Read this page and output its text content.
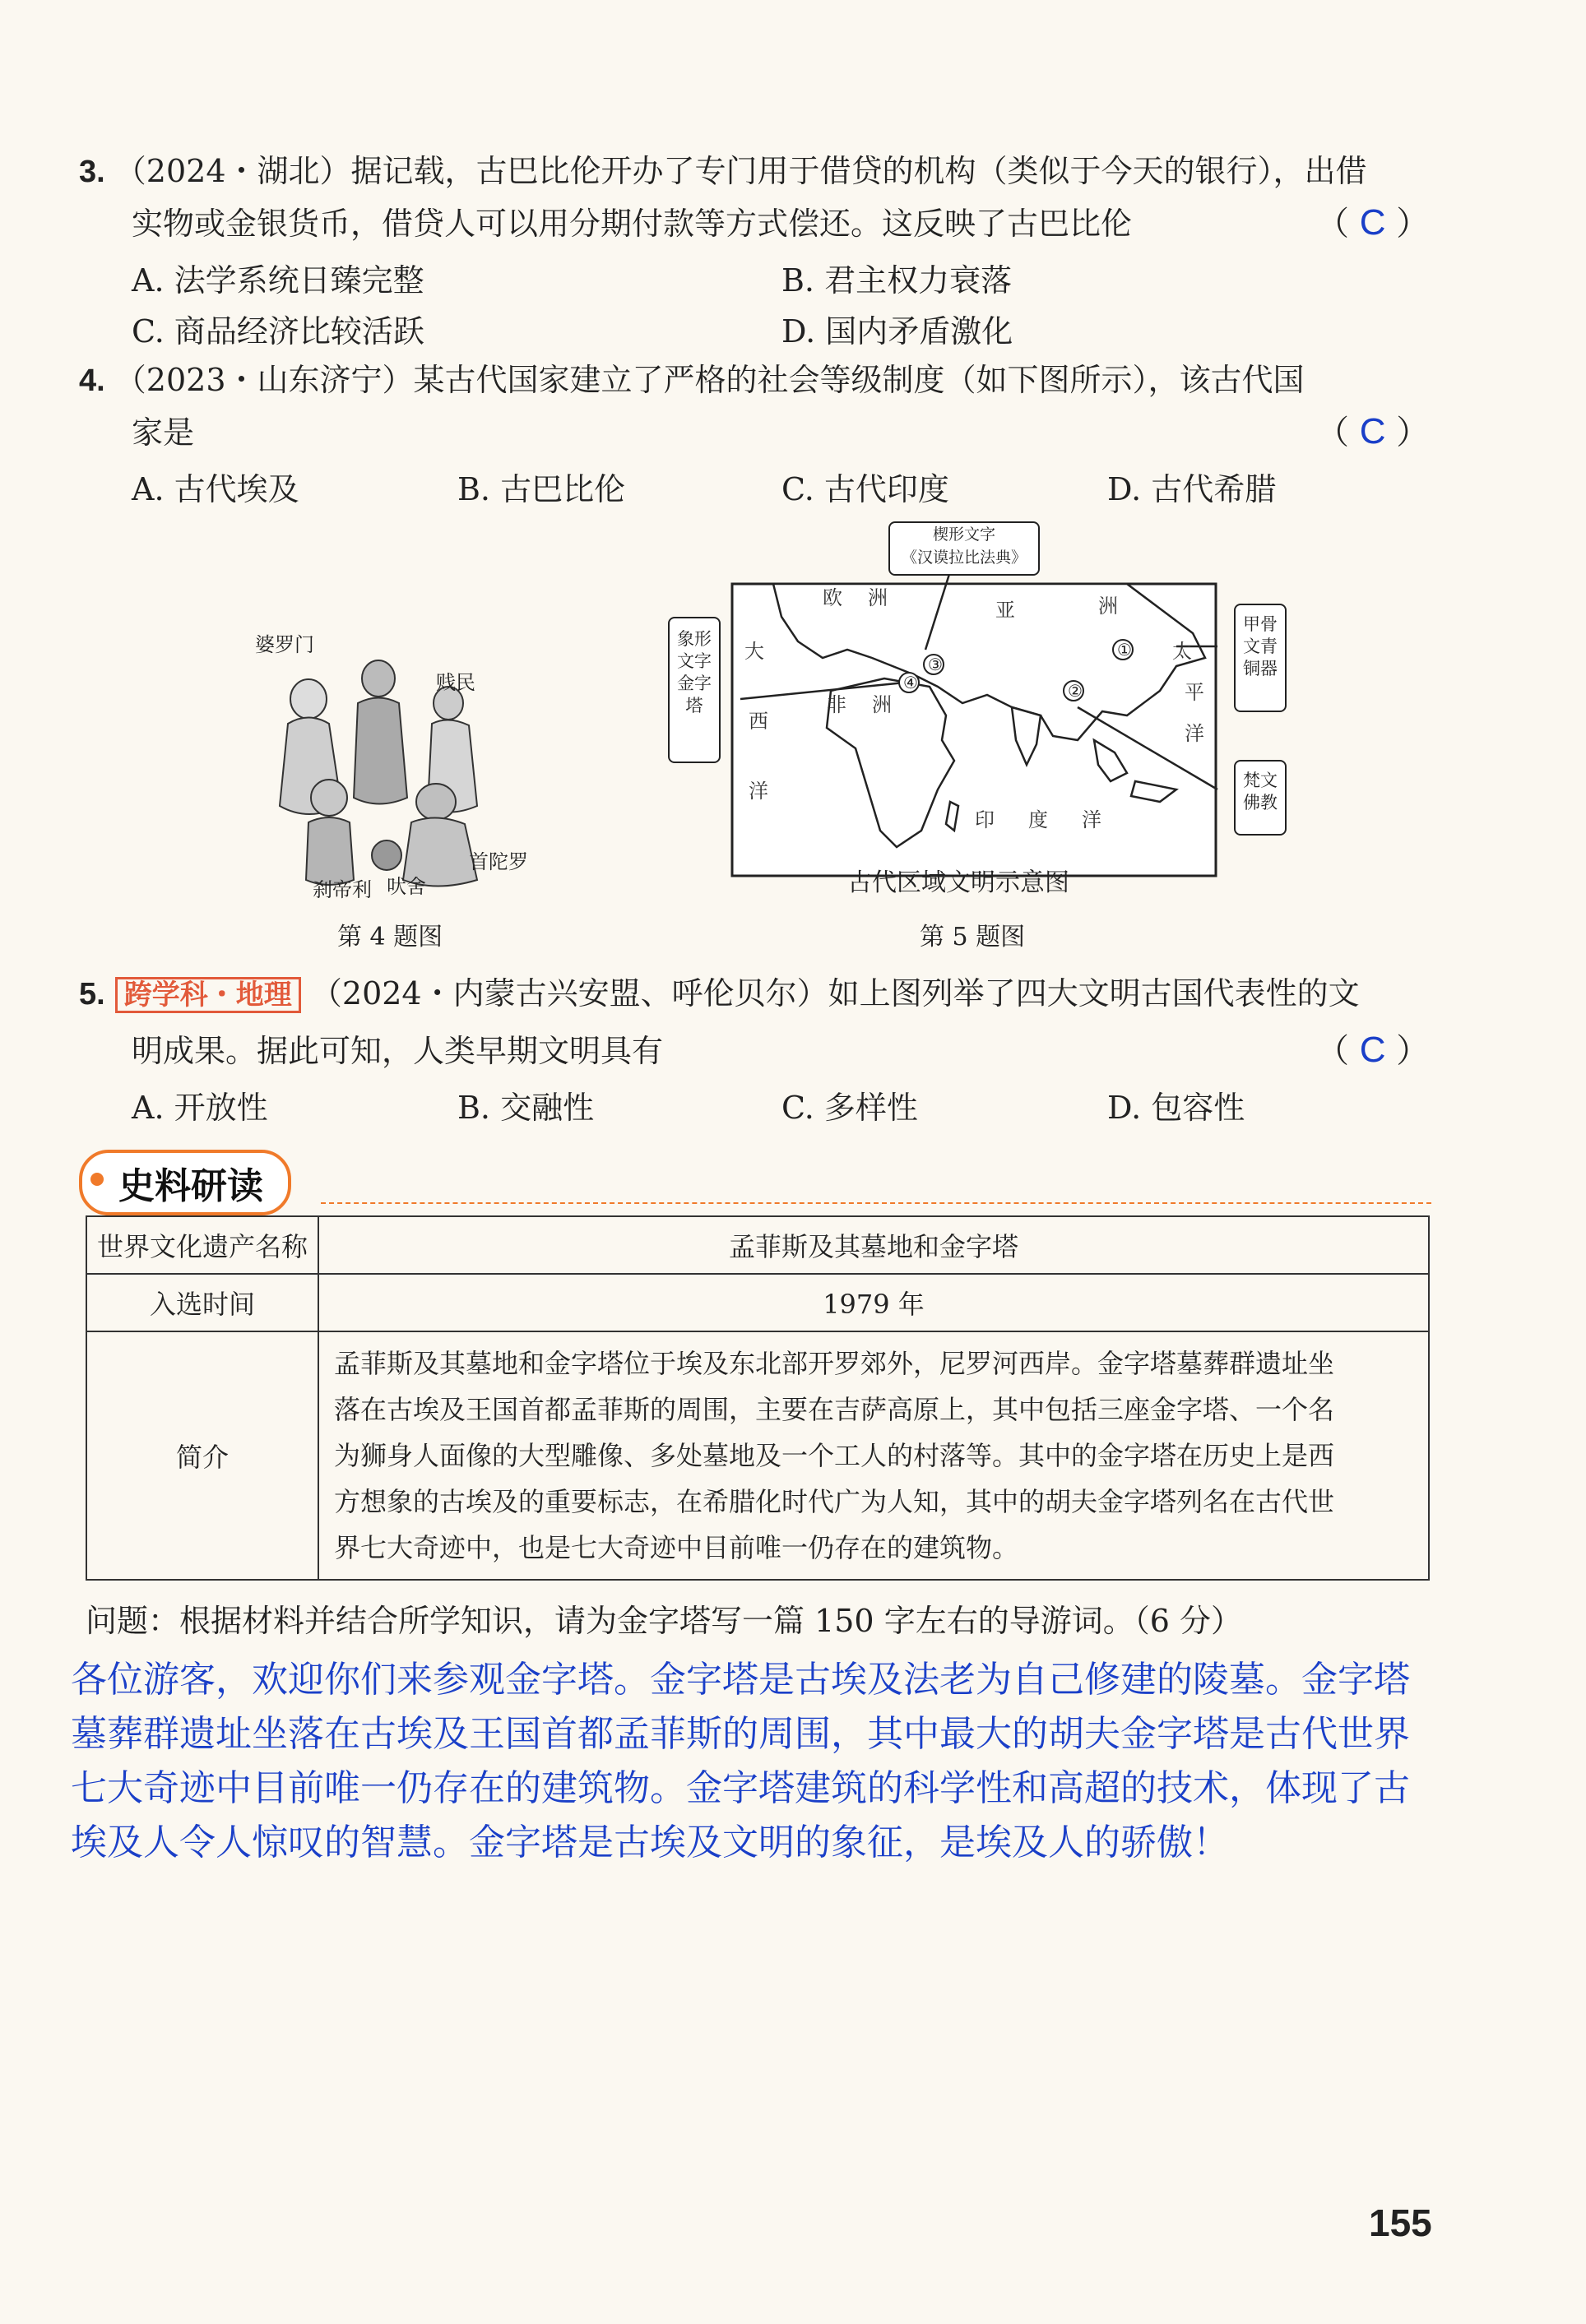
3. （2024・湖北）据记载，古巴比伦开办了专门用于借贷的机构（类似于今天的银行），出借
实物或金银货币，借贷人可以用分期付款等方式偿还。这反映了古巴比伦	（ C ）
A. 法学系统日臻完整	B. 君主权力衰落
C. 商品经济比较活跃	D. 国内矛盾激化
4. （2023・山东济宁）某古代国家建立了严格的社会等级制度（如下图所示），该古代国
家是	（ C ）
A. 古代埃及	B. 古巴比伦	C. 古代印度	D. 古代希腊
婆罗门
贱民
刹帝利 吠舍
首陀罗
第 4 题图
①
②
③
④
欧 洲
亚	洲
大
西
洋
非 洲
太
平
洋
印 度 洋
楔形文字
《汉谟拉比法典》
象形文字金字塔
甲骨文青铜器
梵文佛教
古代区域文明示意图
第 5 题图
5. 跨学科・地理 （2024・内蒙古兴安盟、呼伦贝尔）如上图列举了四大文明古国代表性的文
明成果。据此可知，人类早期文明具有	（ C ）
A. 开放性	B. 交融性	C. 多样性	D. 包容性
史料研读
世界文化遗产名称	孟菲斯及其墓地和金字塔
入选时间	1979 年
简介	孟菲斯及其墓地和金字塔位于埃及东北部开罗郊外，尼罗河西岸。金字塔墓葬群遗址坐
落在古埃及王国首都孟菲斯的周围，主要在吉萨高原上，其中包括三座金字塔、一个名
为狮身人面像的大型雕像、多处墓地及一个工人的村落等。其中的金字塔在历史上是西
方想象的古埃及的重要标志，在希腊化时代广为人知，其中的胡夫金字塔列名在古代世
界七大奇迹中，也是七大奇迹中目前唯一仍存在的建筑物。
问题：根据材料并结合所学知识，请为金字塔写一篇 150 字左右的导游词。（6 分）
各位游客，欢迎你们来参观金字塔。金字塔是古埃及法老为自己修建的陵墓。金字塔
墓葬群遗址坐落在古埃及王国首都孟菲斯的周围，其中最大的胡夫金字塔是古代世界
七大奇迹中目前唯一仍存在的建筑物。金字塔建筑的科学性和高超的技术，体现了古
埃及人令人惊叹的智慧。金字塔是古埃及文明的象征，是埃及人的骄傲！
155
